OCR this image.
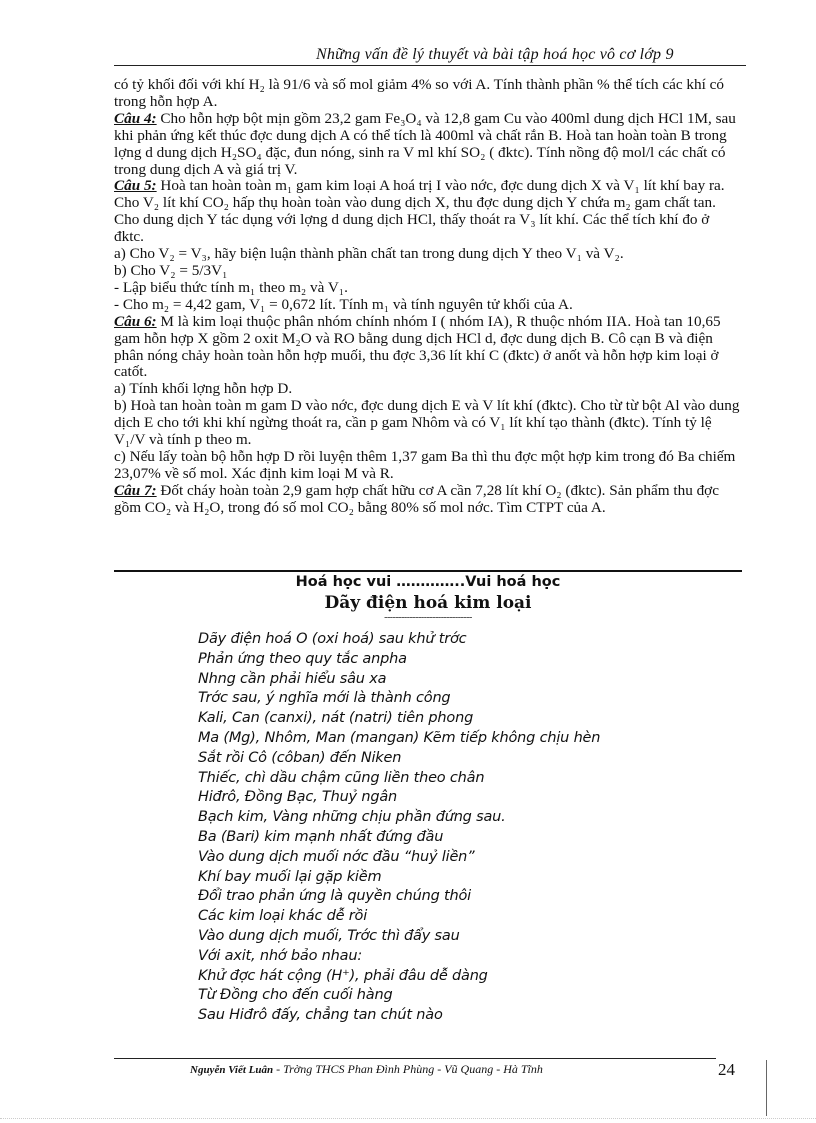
Những vấn đề lý thuyết và bài tập hoá học vô cơ lớp 9

có tỷ khối đối với khí H₂ là 91/6 và số mol giảm 4% so với A. Tính thành phần % thể tích các khí có trong hỗn hợp A.

Câu 4: Cho hỗn hợp bột mịn gồm 23,2 gam Fe₃O₄ và 12,8 gam Cu vào 400ml dung dịch HCl 1M, sau khi phản ứng kết thúc đợc dung dịch A có thể tích là 400ml và chất rắn B. Hoà tan hoàn toàn B trong lợng d dung dịch H₂SO₄ đặc, đun nóng, sinh ra V ml khí SO₂ ( đktc). Tính nồng độ mol/l các chất có trong dung dịch A và giá trị V.

Câu 5: Hoà tan hoàn toàn m₁ gam kim loại A hoá trị I vào nớc, đợc dung dịch X và V₁ lít khí bay ra. Cho V₂ lít khí CO₂ hấp thụ hoàn toàn vào dung dịch X, thu đợc dung dịch Y chứa m₂ gam chất tan. Cho dung dịch Y tác dụng với lợng d dung dịch HCl, thấy thoát ra V₃ lít khí. Các thể tích khí đo ở đktc.

a) Cho V₂ = V₃, hãy biện luận thành phần chất tan trong dung dịch Y theo V₁ và V₂.

b) Cho V₂ = 5/3V₁

- Lập biểu thức tính m₁ theo m₂ và V₁.

- Cho m₂ = 4,42 gam, V₁ = 0,672 lít. Tính m₁ và tính nguyên tử khối của A.

Câu 6: M là kim loại thuộc phân nhóm chính nhóm I ( nhóm IA), R thuộc nhóm IIA. Hoà tan 10,65 gam hỗn hợp X gồm 2 oxit M₂O và RO bằng dung dịch HCl d, đợc dung dịch B. Cô cạn B và điện phân nóng chảy hoàn toàn hỗn hợp muối, thu đợc 3,36 lít khí C (đktc) ở anốt và hỗn hợp kim loại ở catốt.

a) Tính khối lợng hỗn hợp D.

b) Hoà tan hoàn toàn m gam D vào nớc, đợc dung dịch E và V lít khí (đktc). Cho từ từ bột Al vào dung dịch E cho tới khi khí ngừng thoát ra, cần p gam Nhôm và có V₁ lít khí tạo thành (đktc). Tính tỷ lệ V₁/V và tính p theo m.

c) Nếu lấy toàn bộ hỗn hợp D rồi luyện thêm 1,37 gam Ba thì thu đợc một hợp kim trong đó Ba chiếm 23,07% về số mol. Xác định kim loại M và R.

Câu 7: Đốt cháy hoàn toàn 2,9 gam hợp chất hữu cơ A cần 7,28 lít khí O₂ (đktc). Sản phẩm thu đợc gồm CO₂ và H₂O, trong đó số mol CO₂ bằng 80% số mol nớc. Tìm CTPT của A.

Hoá học vui …………..Vui hoá học
Dãy điện hoá kim loại
-------------------------------
Dãy điện hoá O (oxi hoá) sau khử trớc
Phản ứng theo quy tắc anpha
Nhng cần phải hiểu sâu xa
Trớc sau, ý nghĩa mới là thành công
Kali, Can (canxi), nát (natri) tiên phong
Ma (Mg), Nhôm, Man (mangan) Kẽm tiếp không chịu hèn
Sắt rồi Cô (côban) đến Niken
Thiếc, chì dầu chậm cũng liền theo chân
Hiđrô, Đồng Bạc, Thuỷ ngân
Bạch kim, Vàng những chịu phần đứng sau.
Ba (Bari) kim mạnh nhất đứng đầu
Vào dung dịch muối nớc đầu “huỷ liền”
Khí bay muối lại gặp kiềm
Đổi trao phản ứng là quyền chúng thôi
Các kim loại khác dễ rồi
Vào dung dịch muối, Trớc thì đẩy sau
Với axit, nhớ bảo nhau:
Khử đợc hát cộng (H⁺), phải đâu dễ dàng
Từ Đồng cho đến cuối hàng
Sau Hiđrô đấy, chẳng tan chút nào
Nguyễn Viết Luân - Trờng THCS Phan Đình Phùng - Vũ Quang - Hà Tĩnh	24
